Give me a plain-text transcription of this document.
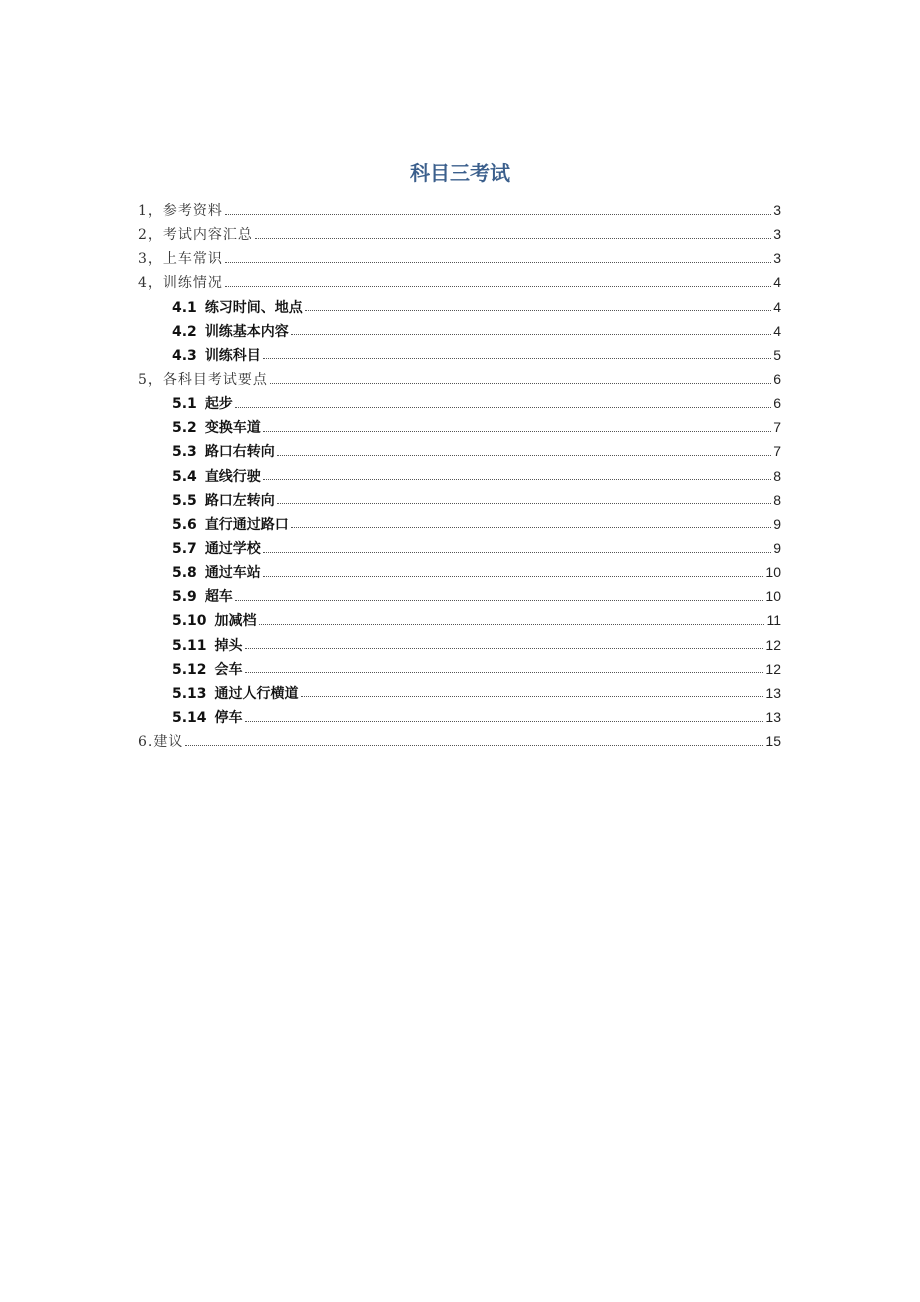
科目三考试
1， 参考资料	3
2， 考试内容汇总	3
3， 上车常识	3
4， 训练情况	4
4.1 练习时间、地点	4
4.2 训练基本内容	4
4.3 训练科目	5
5， 各科目考试要点	6
5.1 起步	6
5.2 变换车道	7
5.3 路口右转向	7
5.4 直线行驶	8
5.5 路口左转向	8
5.6 直行通过路口	9
5.7 通过学校	9
5.8 通过车站	10
5.9 超车	10
5.10 加减档	11
5.11 掉头	12
5.12 会车	12
5.13 通过人行横道	13
5.14 停车	13
6. 建议	15
